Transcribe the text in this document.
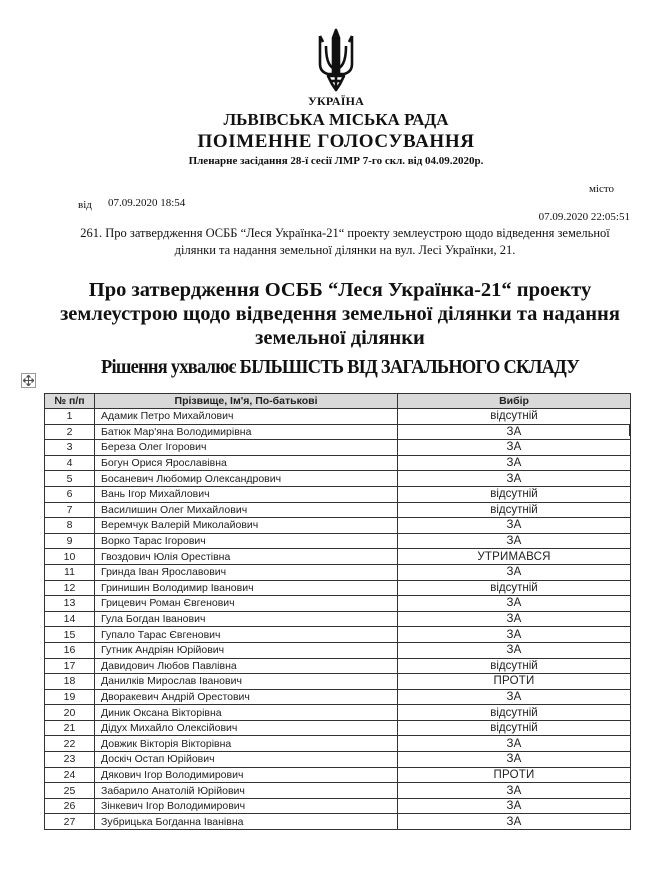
УКРАЇНА
ЛЬВІВСЬКА МІСЬКА РАДА
ПОІМЕННЕ ГОЛОСУВАННЯ
Пленарне засідання 28-ї сесії ЛМР 7-го скл. від 04.09.2020р.
місто
від 07.09.2020 18:54
07.09.2020 22:05:51
261. Про затвердження ОСББ “Леся Українка-21“ проекту землеустрою щодо відведення земельної ділянки та надання земельної ділянки на вул. Лесі Українки, 21.
Про затвердження ОСББ “Леся Українка-21“ проекту землеустрою щодо відведення земельної ділянки та надання земельної ділянки
Рішення ухвалює БІЛЬШІСТЬ ВІД ЗАГАЛЬНОГО СКЛАДУ
№ п/п	Прізвище, Ім'я, По-батькові	Вибір
1	Адамик Петро Михайлович	відсутній
2	Батюк Мар'яна Володимирівна	ЗА
3	Береза Олег Ігорович	ЗА
4	Богун Орися Ярославівна	ЗА
5	Босаневич Любомир Олександрович	ЗА
6	Вань Ігор Михайлович	відсутній
7	Василишин Олег Михайлович	відсутній
8	Веремчук Валерій Миколайович	ЗА
9	Ворко Тарас Ігорович	ЗА
10	Гвоздович Юлія Орестівна	УТРИМАВСЯ
11	Гринда Іван Ярославович	ЗА
12	Гринишин Володимир Іванович	відсутній
13	Грицевич Роман Євгенович	ЗА
14	Гула Богдан Іванович	ЗА
15	Гупало Тарас Євгенович	ЗА
16	Гутник Андріян Юрійович	ЗА
17	Давидович Любов Павлівна	відсутній
18	Данилків Мирослав Іванович	ПРОТИ
19	Дворакевич Андрій Орестович	ЗА
20	Диник Оксана Вікторівна	відсутній
21	Дідух Михайло Олексійович	відсутній
22	Довжик Вікторія Вікторівна	ЗА
23	Доскіч Остап Юрійович	ЗА
24	Дякович Ігор Володимирович	ПРОТИ
25	Забарило Анатолій Юрійович	ЗА
26	Зінкевич Ігор Володимирович	ЗА
27	Зубрицька Богданна Іванівна	ЗА
